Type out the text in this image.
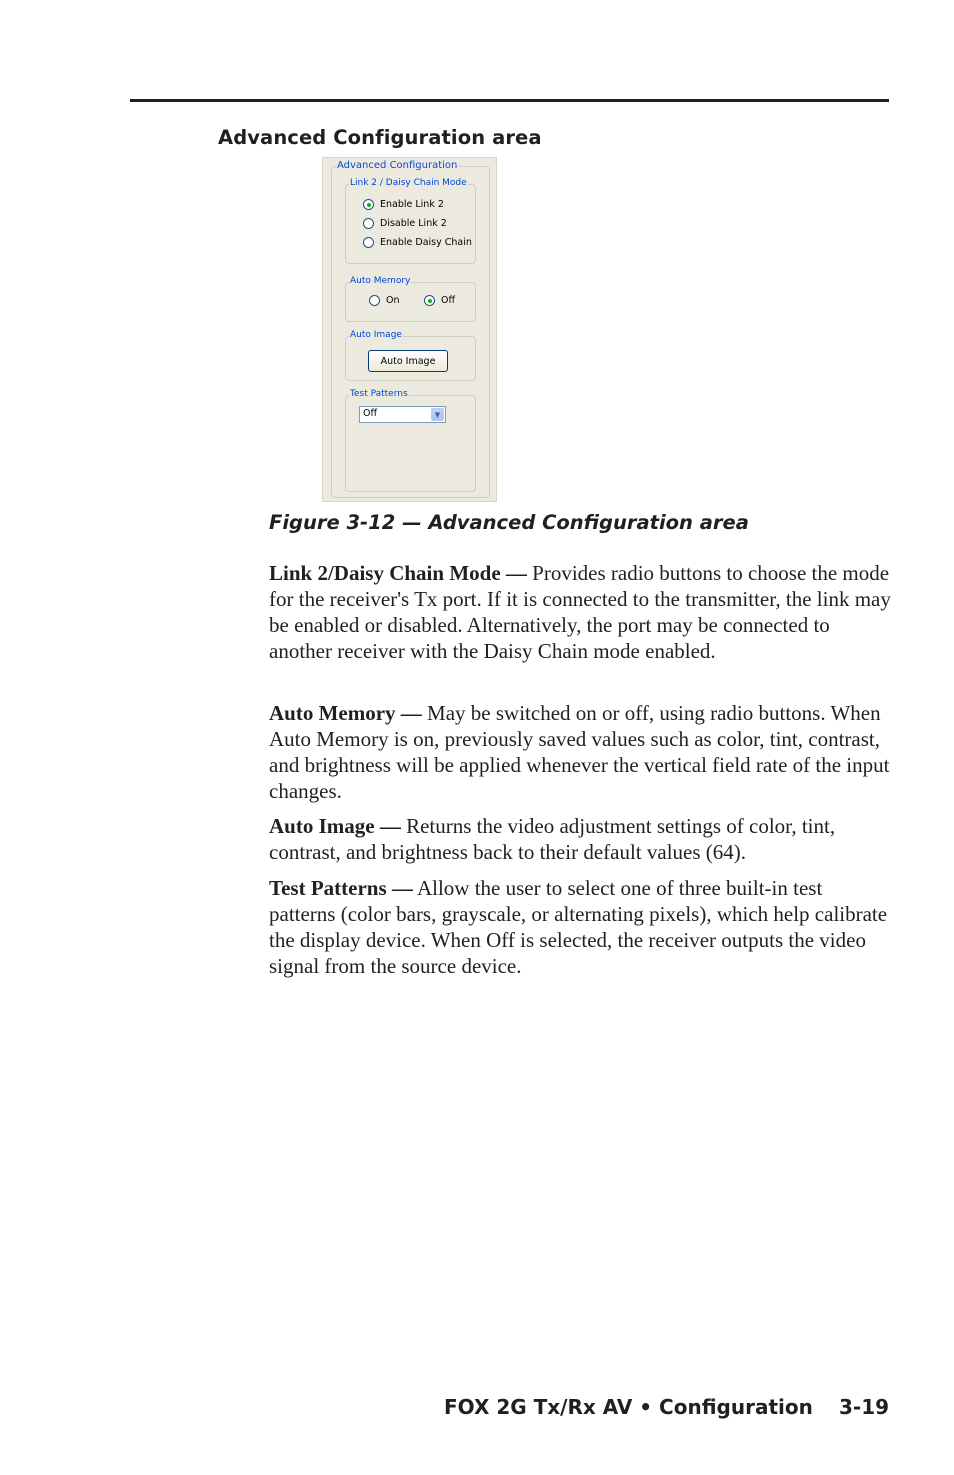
Advanced Configuration area
Advanced Configuration
Link 2 / Daisy Chain Mode
Enable Link 2
Disable Link 2
Enable Daisy Chain
Auto Memory
On	Off
Auto Image
Auto Image
Test Patterns
Off	▼
Figure 3-12 — Advanced Configuration area

Link 2/Daisy Chain Mode — Provides radio buttons to choose the mode for the receiver's Tx port. If it is connected to the transmitter, the link may be enabled or disabled. Alternatively, the port may be connected to another receiver with the Daisy Chain mode enabled.

Auto Memory — May be switched on or off, using radio buttons. When Auto Memory is on, previously saved values such as color, tint, contrast, and brightness will be applied whenever the vertical field rate of the input changes.

Auto Image — Returns the video adjustment settings of color, tint, contrast, and brightness back to their default values (64).

Test Patterns — Allow the user to select one of three built-in test patterns (color bars, grayscale, or alternating pixels), which help calibrate the display device. When Off is selected, the receiver outputs the video signal from the source device.

FOX 2G Tx/Rx AV • Configuration 3-19
